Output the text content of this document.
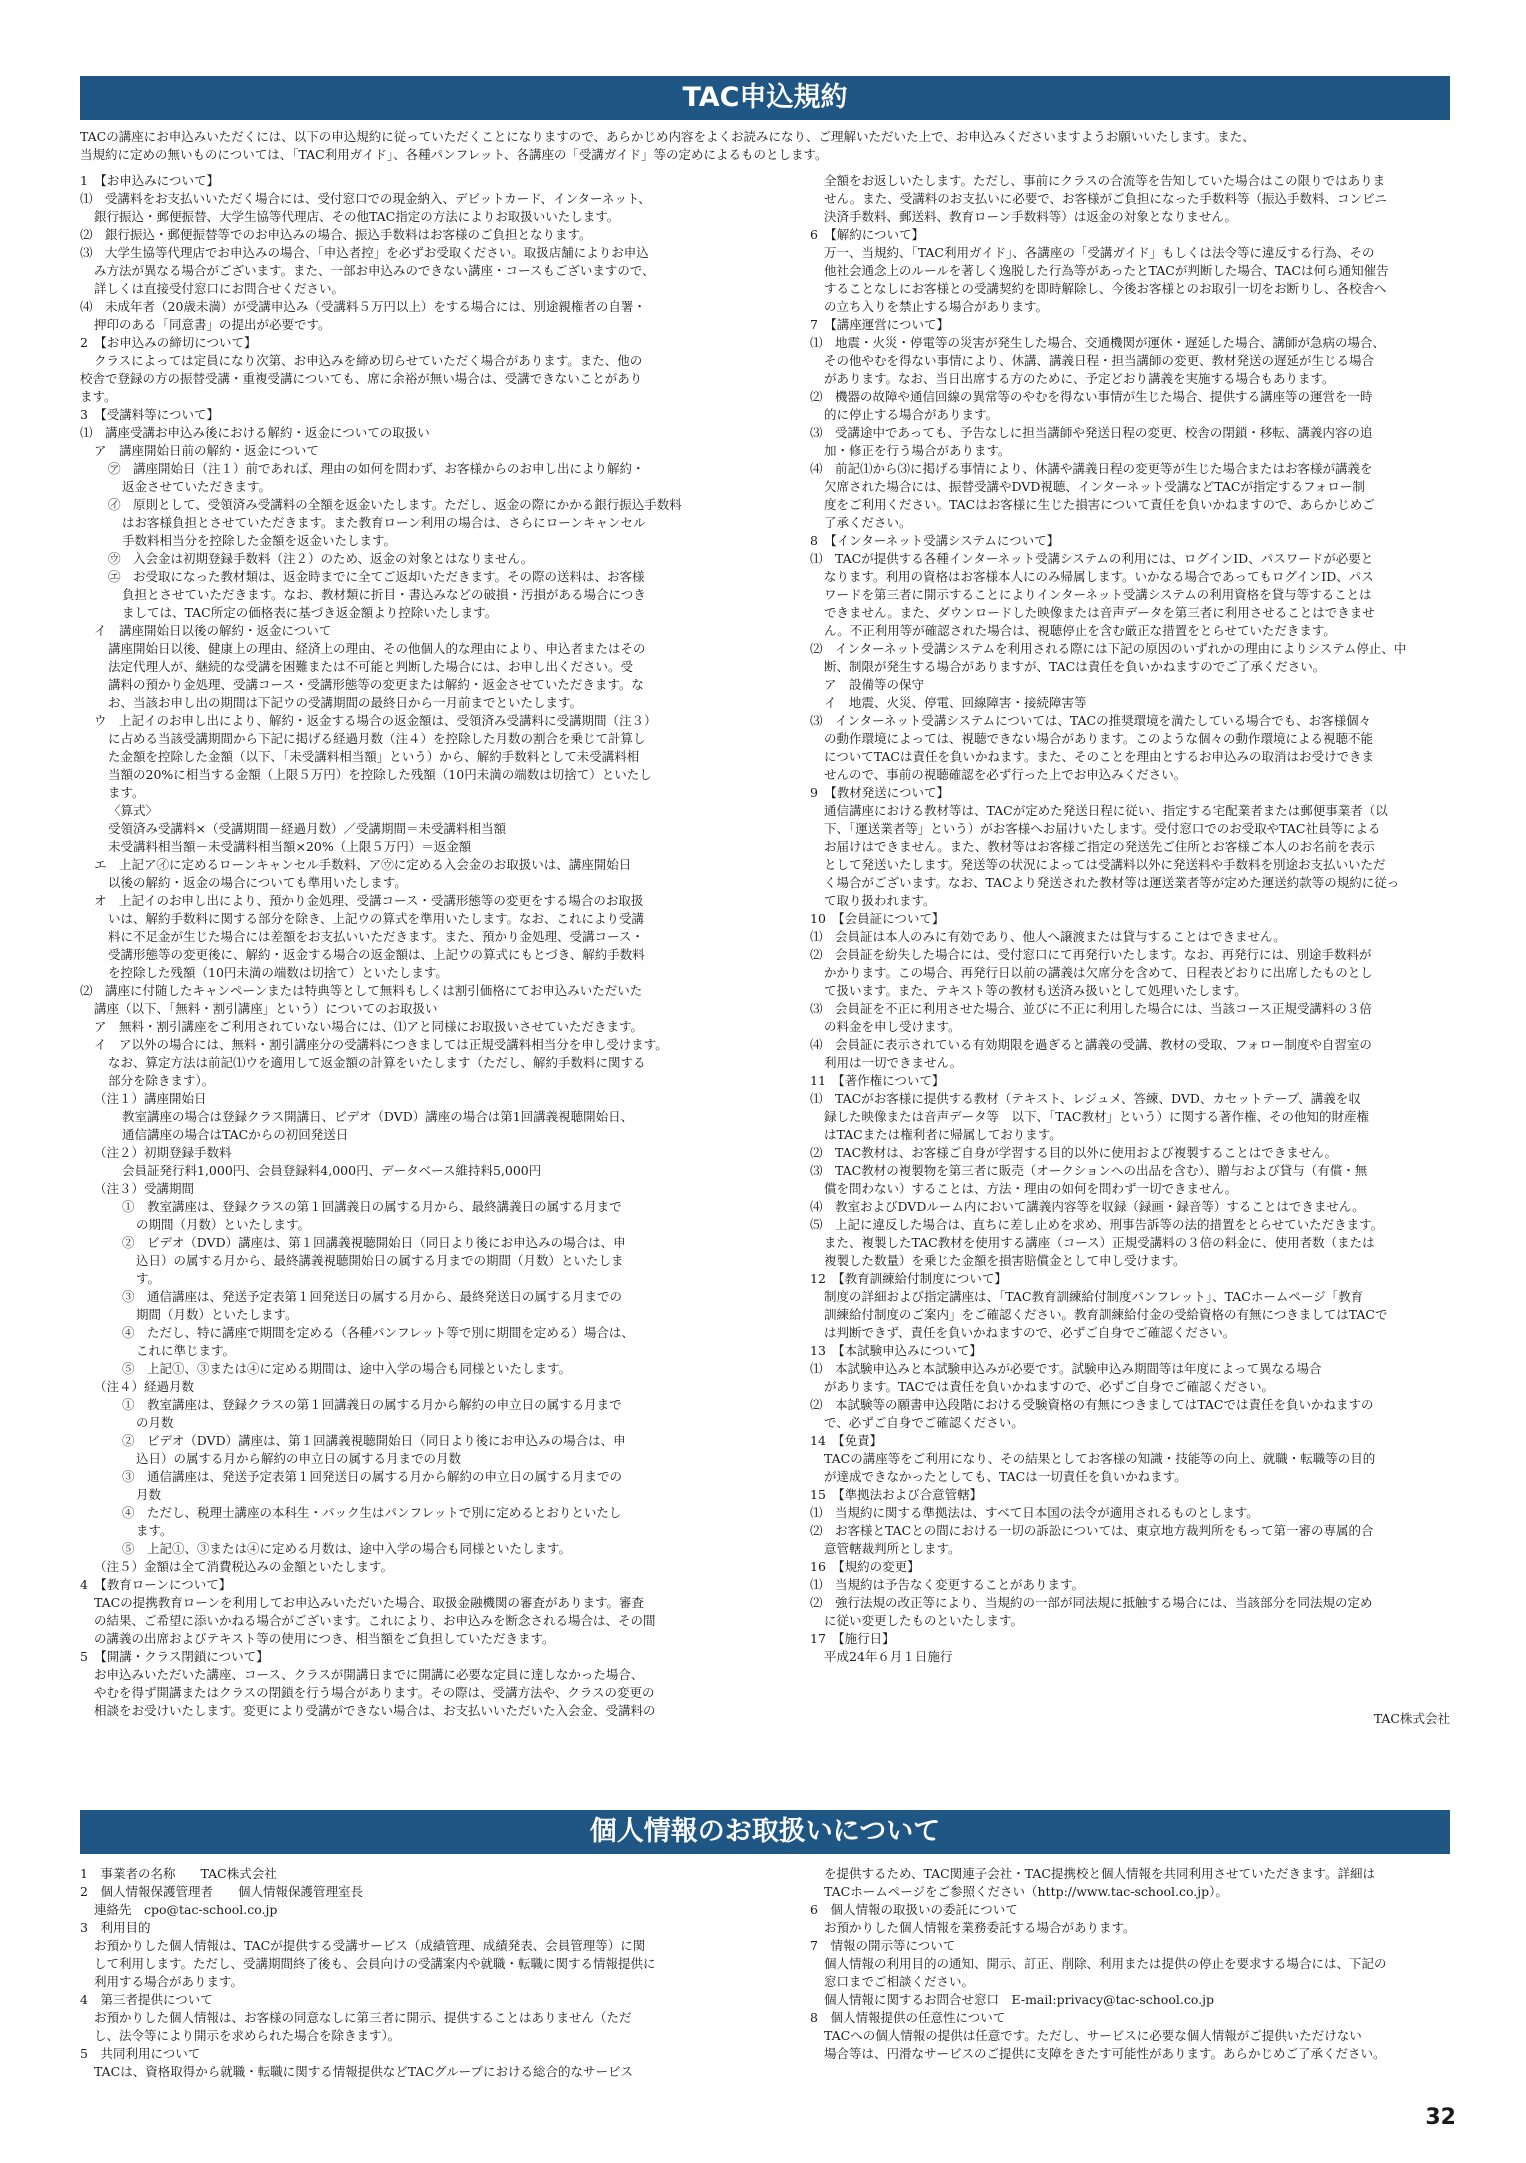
TAC申込規約
TACの講座にお申込みいただくには、以下の申込規約に従っていただくことになりますので、あらかじめ内容をよくお読みになり、ご理解いただいた上で、お申込みくださいますようお願いいたします。また、
当規約に定めの無いものについては、「TAC利用ガイド」、各種パンフレット、各講座の「受講ガイド」等の定めによるものとします。
1　【お申込みについて】
⑴　受講料をお支払いいただく場合には、受付窓口での現金納入、デビットカード、インターネット、
銀行振込・郵便振替、大学生協等代理店、その他TAC指定の方法によりお取扱いいたします。
⑵　銀行振込・郵便振替等でのお申込みの場合、振込手数料はお客様のご負担となります。
⑶　大学生協等代理店でお申込みの場合、「申込者控」を必ずお受取ください。取扱店舗によりお申込
み方法が異なる場合がございます。また、一部お申込みのできない講座・コースもございますので、
詳しくは直接受付窓口にお問合せください。
⑷　未成年者（20歳未満）が受講申込み（受講料５万円以上）をする場合には、別途親権者の自署・
押印のある「同意書」の提出が必要です。
2　【お申込みの締切について】
クラスによっては定員になり次第、お申込みを締め切らせていただく場合があります。また、他の
校舎で登録の方の振替受講・重複受講についても、席に余裕が無い場合は、受講できないことがあり
ます。
3　【受講料等について】
⑴　講座受講お申込み後における解約・返金についての取扱い
ア　講座開始日前の解約・返金について
㋐　講座開始日（注１）前であれば、理由の如何を問わず、お客様からのお申し出により解約・
返金させていただきます。
㋑　原則として、受領済み受講料の全額を返金いたします。ただし、返金の際にかかる銀行振込手数料
はお客様負担とさせていただきます。また教育ローン利用の場合は、さらにローンキャンセル
手数料相当分を控除した金額を返金いたします。
㋒　入会金は初期登録手数料（注２）のため、返金の対象とはなりません。
㋓　お受取になった教材類は、返金時までに全てご返却いただきます。その際の送料は、お客様
負担とさせていただきます。なお、教材類に折目・書込みなどの破損・汚損がある場合につき
ましては、TAC所定の価格表に基づき返金額より控除いたします。
イ　講座開始日以後の解約・返金について
講座開始日以後、健康上の理由、経済上の理由、その他個人的な理由により、申込者またはその
法定代理人が、継続的な受講を困難または不可能と判断した場合には、お申し出ください。受
講料の預かり金処理、受講コース・受講形態等の変更または解約・返金させていただきます。な
お、当該お申し出の期間は下記ウの受講期間の最終日から一月前までといたします。
ウ　上記イのお申し出により、解約・返金する場合の返金額は、受領済み受講料に受講期間（注３）
に占める当該受講期間から下記に掲げる経過月数（注４）を控除した月数の割合を乗じて計算し
た金額を控除した金額（以下、「未受講料相当額」という）から、解約手数料として未受講料相
当額の20%に相当する金額（上限５万円）を控除した残額（10円未満の端数は切捨て）といたし
ます。
〈算式〉
受領済み受講料×（受講期間－経過月数）／受講期間＝未受講料相当額
未受講料相当額－未受講料相当額×20%（上限５万円）＝返金額
エ　上記ア㋑に定めるローンキャンセル手数料、ア㋒に定める入会金のお取扱いは、講座開始日
以後の解約・返金の場合についても準用いたします。
オ　上記イのお申し出により、預かり金処理、受講コース・受講形態等の変更をする場合のお取扱
いは、解約手数料に関する部分を除き、上記ウの算式を準用いたします。なお、これにより受講
料に不足金が生じた場合には差額をお支払いいただきます。また、預かり金処理、受講コース・
受講形態等の変更後に、解約・返金する場合の返金額は、上記ウの算式にもとづき、解約手数料
を控除した残額（10円未満の端数は切捨て）といたします。
⑵　講座に付随したキャンペーンまたは特典等として無料もしくは割引価格にてお申込みいただいた
講座（以下、「無料・割引講座」という）についてのお取扱い
ア　無料・割引講座をご利用されていない場合には、⑴アと同様にお取扱いさせていただきます。
イ　ア以外の場合には、無料・割引講座分の受講料につきましては正規受講料相当分を申し受けます。
なお、算定方法は前記⑴ウを適用して返金額の計算をいたします（ただし、解約手数料に関する
部分を除きます）。
（注１）講座開始日
教室講座の場合は登録クラス開講日、ビデオ（DVD）講座の場合は第1回講義視聴開始日、
通信講座の場合はTACからの初回発送日
（注２）初期登録手数料
会員証発行料1,000円、会員登録料4,000円、データベース維持料5,000円
（注３）受講期間
①　教室講座は、登録クラスの第１回講義日の属する月から、最終講義日の属する月まで
の期間（月数）といたします。
②　ビデオ（DVD）講座は、第１回講義視聴開始日（同日より後にお申込みの場合は、申
込日）の属する月から、最終講義視聴開始日の属する月までの期間（月数）といたしま
す。
③　通信講座は、発送予定表第１回発送日の属する月から、最終発送日の属する月までの
期間（月数）といたします。
④　ただし、特に講座で期間を定める（各種パンフレット等で別に期間を定める）場合は、
これに準じます。
⑤　上記①、③または④に定める期間は、途中入学の場合も同様といたします。
（注４）経過月数
①　教室講座は、登録クラスの第１回講義日の属する月から解約の申立日の属する月まで
の月数
②　ビデオ（DVD）講座は、第１回講義視聴開始日（同日より後にお申込みの場合は、申
込日）の属する月から解約の申立日の属する月までの月数
③　通信講座は、発送予定表第１回発送日の属する月から解約の申立日の属する月までの
月数
④　ただし、税理士講座の本科生・パック生はパンフレットで別に定めるとおりといたし
ます。
⑤　上記①、③または④に定める月数は、途中入学の場合も同様といたします。
（注５）金額は全て消費税込みの金額といたします。
4　【教育ローンについて】
TACの提携教育ローンを利用してお申込みいただいた場合、取扱金融機関の審査があります。審査
の結果、ご希望に添いかねる場合がございます。これにより、お申込みを断念される場合は、その間
の講義の出席およびテキスト等の使用につき、相当額をご負担していただきます。
5　【開講・クラス閉鎖について】
お申込みいただいた講座、コース、クラスが開講日までに開講に必要な定員に達しなかった場合、
やむを得ず開講またはクラスの閉鎖を行う場合があります。その際は、受講方法や、クラスの変更の
相談をお受けいたします。変更により受講ができない場合は、お支払いいただいた入会金、受講料の
全額をお返しいたします。ただし、事前にクラスの合流等を告知していた場合はこの限りではありま
せん。また、受講料のお支払いに必要で、お客様がご負担になった手数料等（振込手数料、コンビニ
決済手数料、郵送料、教育ローン手数料等）は返金の対象となりません。
6　【解約について】
万一、当規約、「TAC利用ガイド」、各講座の「受講ガイド」もしくは法令等に違反する行為、その
他社会通念上のルールを著しく逸脱した行為等があったとTACが判断した場合、TACは何ら通知催告
することなしにお客様との受講契約を即時解除し、今後お客様とのお取引一切をお断りし、各校舎へ
の立ち入りを禁止する場合があります。
7　【講座運営について】
⑴　地震・火災・停電等の災害が発生した場合、交通機関が運休・遅延した場合、講師が急病の場合、
その他やむを得ない事情により、休講、講義日程・担当講師の変更、教材発送の遅延が生じる場合
があります。なお、当日出席する方のために、予定どおり講義を実施する場合もあります。
⑵　機器の故障や通信回線の異常等のやむを得ない事情が生じた場合、提供する講座等の運営を一時
的に停止する場合があります。
⑶　受講途中であっても、予告なしに担当講師や発送日程の変更、校舎の閉鎖・移転、講義内容の追
加・修正を行う場合があります。
⑷　前記⑴から⑶に掲げる事情により、休講や講義日程の変更等が生じた場合またはお客様が講義を
欠席された場合には、振替受講やDVD視聴、インターネット受講などTACが指定するフォロー制
度をご利用ください。TACはお客様に生じた損害について責任を負いかねますので、あらかじめご
了承ください。
8　【インターネット受講システムについて】
⑴　TACが提供する各種インターネット受講システムの利用には、ログインID、パスワードが必要と
なります。利用の資格はお客様本人にのみ帰属します。いかなる場合であってもログインID、パス
ワードを第三者に開示することによりインターネット受講システムの利用資格を貸与等することは
できません。また、ダウンロードした映像または音声データを第三者に利用させることはできませ
ん。不正利用等が確認された場合は、視聴停止を含む厳正な措置をとらせていただきます。
⑵　インターネット受講システムを利用される際には下記の原因のいずれかの理由によりシステム停止、中
断、制限が発生する場合がありますが、TACは責任を負いかねますのでご了承ください。
ア　設備等の保守
イ　地震、火災、停電、回線障害・接続障害等
⑶　インターネット受講システムについては、TACの推奨環境を満たしている場合でも、お客様個々
の動作環境によっては、視聴できない場合があります。このような個々の動作環境による視聴不能
についてTACは責任を負いかねます。また、そのことを理由とするお申込みの取消はお受けできま
せんので、事前の視聴確認を必ず行った上でお申込みください。
9　【教材発送について】
通信講座における教材等は、TACが定めた発送日程に従い、指定する宅配業者または郵便事業者（以
下、「運送業者等」という）がお客様へお届けいたします。受付窓口でのお受取やTAC社員等による
お届けはできません。また、教材等はお客様ご指定の発送先ご住所とお客様ご本人のお名前を表示
として発送いたします。発送等の状況によっては受講料以外に発送料や手数料を別途お支払いいただ
く場合がございます。なお、TACより発送された教材等は運送業者等が定めた運送約款等の規約に従っ
て取り扱われます。
10　【会員証について】
⑴　会員証は本人のみに有効であり、他人へ譲渡または貸与することはできません。
⑵　会員証を紛失した場合には、受付窓口にて再発行いたします。なお、再発行には、別途手数料が
かかります。この場合、再発行日以前の講義は欠席分を含めて、日程表どおりに出席したものとし
て扱います。また、テキスト等の教材も送済み扱いとして処理いたします。
⑶　会員証を不正に利用させた場合、並びに不正に利用した場合には、当該コース正規受講料の３倍
の料金を申し受けます。
⑷　会員証に表示されている有効期限を過ぎると講義の受講、教材の受取、フォロー制度や自習室の
利用は一切できません。
11　【著作権について】
⑴　TACがお客様に提供する教材（テキスト、レジュメ、答練、DVD、カセットテープ、講義を収
録した映像または音声データ等　以下、「TAC教材」という）に関する著作権、その他知的財産権
はTACまたは権利者に帰属しております。
⑵　TAC教材は、お客様ご自身が学習する目的以外に使用および複製することはできません。
⑶　TAC教材の複製物を第三者に販売（オークションへの出品を含む）、贈与および貸与（有償・無
償を問わない）することは、方法・理由の如何を問わず一切できません。
⑷　教室およびDVDルーム内において講義内容等を収録（録画・録音等）することはできません。
⑸　上記に違反した場合は、直ちに差し止めを求め、刑事告訴等の法的措置をとらせていただきます。
また、複製したTAC教材を使用する講座（コース）正規受講料の３倍の料金に、使用者数（または
複製した数量）を乗じた金額を損害賠償金として申し受けます。
12　【教育訓練給付制度について】
制度の詳細および指定講座は、「TAC教育訓練給付制度パンフレット」、TACホームページ「教育
訓練給付制度のご案内」をご確認ください。教育訓練給付金の受給資格の有無につきましてはTACで
は判断できず、責任を負いかねますので、必ずご自身でご確認ください。
13　【本試験申込みについて】
⑴　本試験申込みと本試験申込みが必要です。試験申込み期間等は年度によって異なる場合
があります。TACでは責任を負いかねますので、必ずご自身でご確認ください。
⑵　本試験等の願書申込段階における受験資格の有無につきましてはTACでは責任を負いかねますの
で、必ずご自身でご確認ください。
14　【免責】
TACの講座等をご利用になり、その結果としてお客様の知識・技能等の向上、就職・転職等の目的
が達成できなかったとしても、TACは一切責任を負いかねます。
15　【準拠法および合意管轄】
⑴　当規約に関する準拠法は、すべて日本国の法令が適用されるものとします。
⑵　お客様とTACとの間における一切の訴訟については、東京地方裁判所をもって第一審の専属的合
意管轄裁判所とします。
16　【規約の変更】
⑴　当規約は予告なく変更することがあります。
⑵　強行法規の改正等により、当規約の一部が同法規に抵触する場合には、当該部分を同法規の定め
に従い変更したものといたします。
17　【施行日】
平成24年６月１日施行
TAC株式会社
個人情報のお取扱いについて
1　事業者の名称　　TAC株式会社
2　個人情報保護管理者　　個人情報保護管理室長
連絡先　cpo@tac-school.co.jp
3　利用目的
お預かりした個人情報は、TACが提供する受講サービス（成績管理、成績発表、会員管理等）に関
して利用します。ただし、受講期間終了後も、会員向けの受講案内や就職・転職に関する情報提供に
利用する場合があります。
4　第三者提供について
お預かりした個人情報は、お客様の同意なしに第三者に開示、提供することはありません（ただ
し、法令等により開示を求められた場合を除きます）。
5　共同利用について
TACは、資格取得から就職・転職に関する情報提供などTACグループにおける総合的なサービス
を提供するため、TAC関連子会社・TAC提携校と個人情報を共同利用させていただきます。詳細は
TACホームページをご参照ください（http://www.tac-school.co.jp）。
6　個人情報の取扱いの委託について
お預かりした個人情報を業務委託する場合があります。
7　情報の開示等について
個人情報の利用目的の通知、開示、訂正、削除、利用または提供の停止を要求する場合には、下記の
窓口までご相談ください。
個人情報に関するお問合せ窓口　E-mail:privacy@tac-school.co.jp
8　個人情報提供の任意性について
TACへの個人情報の提供は任意です。ただし、サービスに必要な個人情報がご提供いただけない
場合等は、円滑なサービスのご提供に支障をきたす可能性があります。あらかじめご了承ください。
32
